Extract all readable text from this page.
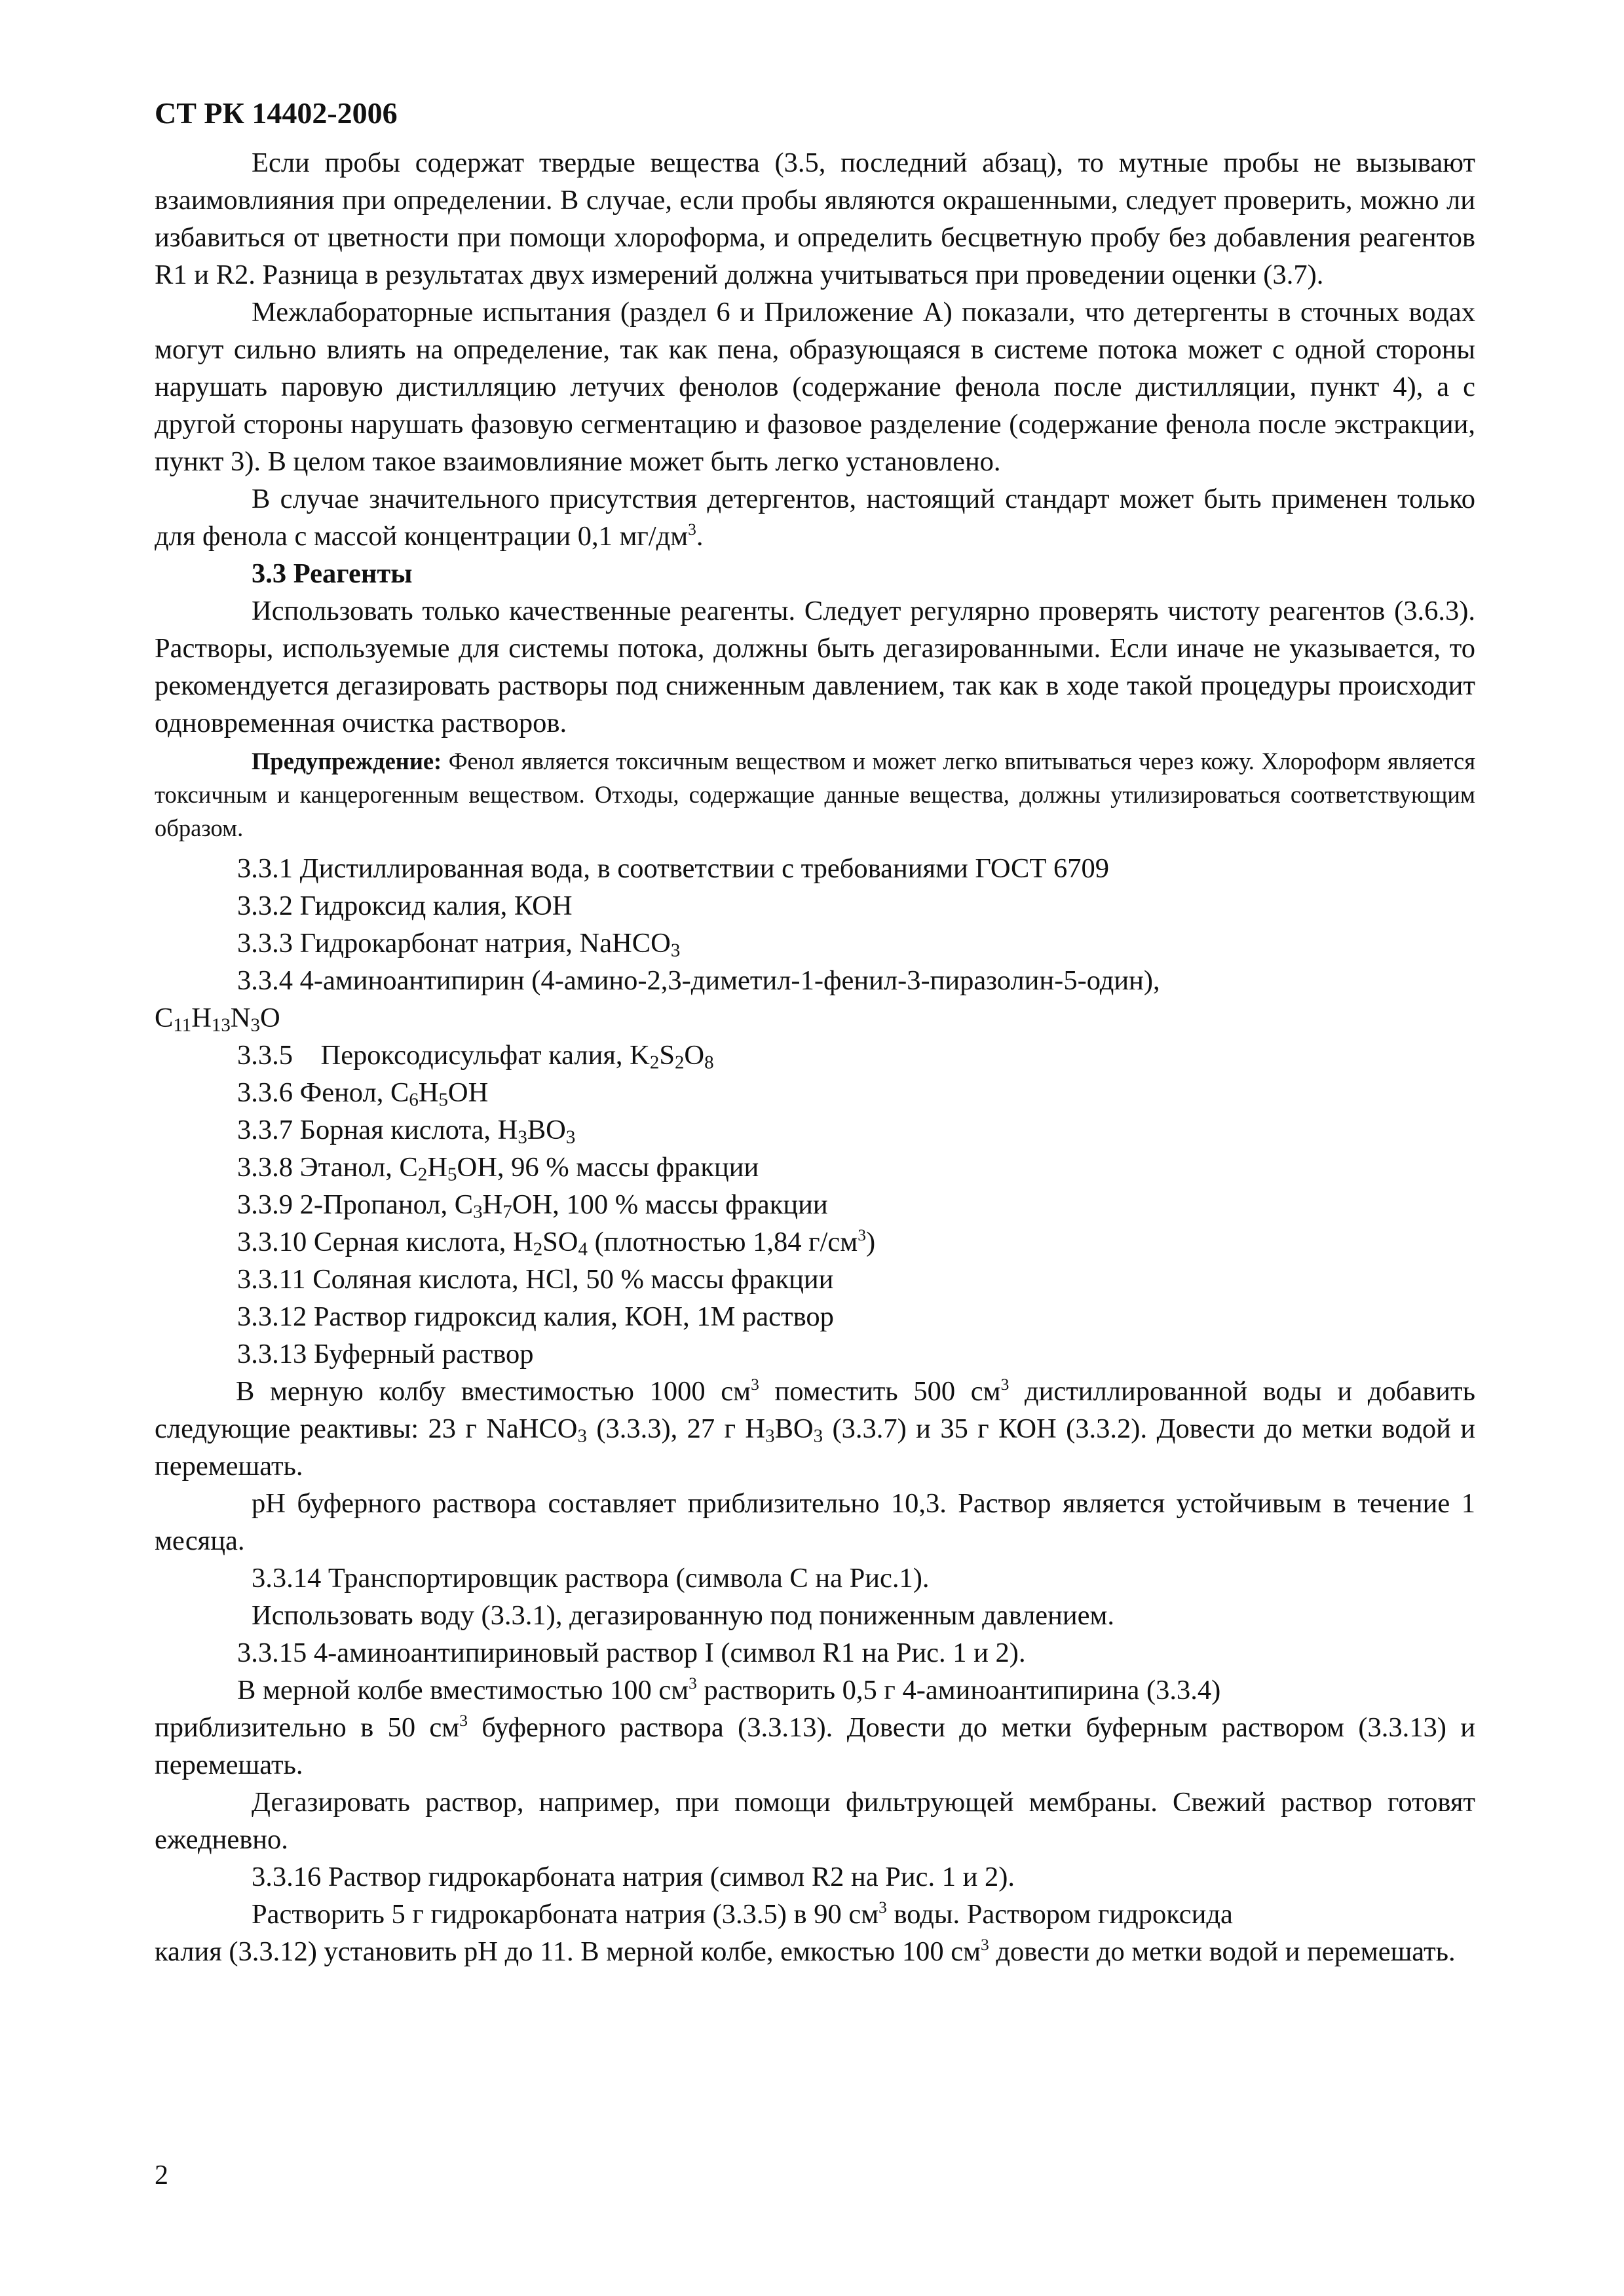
СТ РК 14402-2006

Если пробы содержат твердые вещества (3.5, последний абзац), то мутные пробы не вызывают взаимовлияния при определении. В случае, если пробы являются окрашенными, следует проверить, можно ли избавиться от цветности при помощи хлороформа, и определить бесцветную пробу без добавления реагентов R1 и R2. Разница в результатах двух измерений должна учитываться при проведении оценки (3.7).

Межлабораторные испытания (раздел 6 и Приложение А) показали, что детергенты в сточных водах могут сильно влиять на определение, так как пена, образующаяся в системе потока может с одной стороны нарушать паровую дистилляцию летучих фенолов (содержание фенола после дистилляции, пункт 4), а с другой стороны нарушать фазовую сегментацию и фазовое разделение (содержание фенола после экстракции, пункт 3). В целом такое взаимовлияние может быть легко установлено.

В случае значительного присутствия детергентов, настоящий стандарт может быть применен только для фенола с массой концентрации 0,1 $мг/дм^3$.

3.3 Реагенты

Использовать только качественные реагенты. Следует регулярно проверять чистоту реагентов (3.6.3). Растворы, используемые для системы потока, должны быть дегазированными. Если иначе не указывается, то рекомендуется дегазировать растворы под сниженным давлением, так как в ходе такой процедуры происходит одновременная очистка растворов.

Предупреждение: Фенол является токсичным веществом и может легко впитываться через кожу. Хлороформ является токсичным и канцерогенным веществом. Отходы, содержащие данные вещества, должны утилизироваться соответствующим образом.

3.3.1 Дистиллированная вода, в соответствии с требованиями ГОСТ 6709

3.3.2 Гидроксид калия, КОН

3.3.3 Гидрокарбонат натрия, NaHCO$_3$

3.3.4 4-аминоантипирин (4-амино-2,3-диметил-1-фенил-3-пиразолин-5-один),

$C_{11}H_{13}N_3O$

3.3.5    Пероксодисульфат калия, $K_2S_2O_8$

3.3.6 Фенол, $C_6H_5OH$

3.3.7 Борная кислота, $H_3BO_3$

3.3.8 Этанол, $C_2H_5OH$, 96 % массы фракции

3.3.9 2-Пропанол, $C_3H_7OH$, 100 % массы фракции

3.3.10 Серная кислота, $H_2SO_4$ (плотностью 1,84 $г/см^3$)

3.3.11 Соляная кислота, HCl, 50 % массы фракции

3.3.12 Раствор гидроксид калия, КОН, 1М раствор

3.3.13 Буферный раствор

В мерную колбу вместимостью 1000 $см^3$ поместить 500 $см^3$ дистиллированной воды и добавить следующие реактивы: 23 г NaHCO$_3$ (3.3.3), 27 г $H_3BO_3$ (3.3.7) и 35 г КОН (3.3.2). Довести до метки водой и перемешать.

pH буферного раствора составляет приблизительно 10,3. Раствор является устойчивым в течение 1 месяца.

3.3.14 Транспортировщик раствора (символа C на Рис.1).

Использовать воду (3.3.1), дегазированную под пониженным давлением.

3.3.15 4-аминоантипириновый раствор I (символ R1 на Рис. 1 и 2).

В мерной колбе вместимостью 100 $см^3$ растворить 0,5 г 4-аминоантипирина (3.3.4)

приблизительно в 50 $см^3$ буферного раствора (3.3.13). Довести до метки буферным раствором (3.3.13) и перемешать.

Дегазировать раствор, например, при помощи фильтрующей мембраны. Свежий раствор готовят ежедневно.

3.3.16 Раствор гидрокарбоната натрия (символ R2 на Рис. 1 и 2).

Растворить 5 г гидрокарбоната натрия (3.3.5) в 90 $см^3$ воды. Раствором гидроксида

калия (3.3.12) установить pH до 11. В мерной колбе, емкостью 100 $см^3$ довести до метки водой и перемешать.

2
